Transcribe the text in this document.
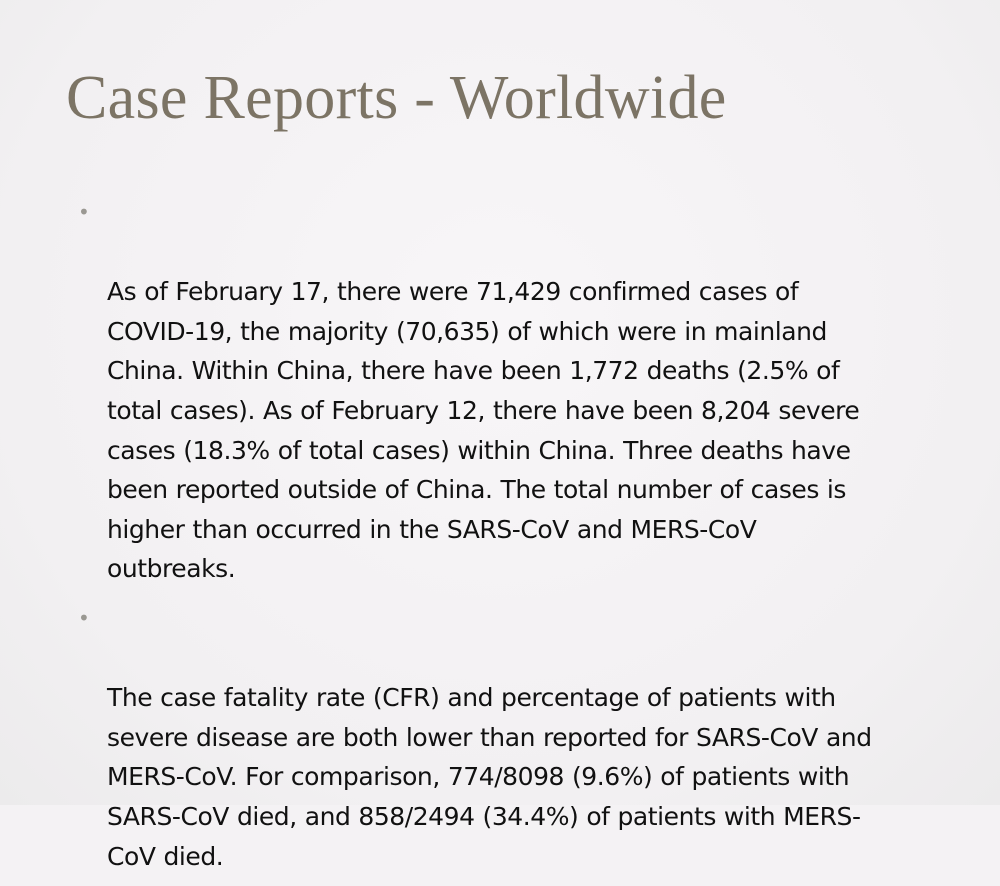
Case Reports - Worldwide

•

As of February 17, there were 71,429 confirmed cases of
COVID-19, the majority (70,635) of which were in mainland
China. Within China, there have been 1,772 deaths (2.5% of
total cases). As of February 12, there have been 8,204 severe
cases (18.3% of total cases) within China. Three deaths have
been reported outside of China. The total number of cases is
higher than occurred in the SARS-CoV and MERS-CoV
outbreaks.

•

The case fatality rate (CFR) and percentage of patients with
severe disease are both lower than reported for SARS-CoV and
MERS-CoV. For comparison, 774/8098 (9.6%) of patients with
SARS-CoV died, and 858/2494 (34.4%) of patients with MERS-
CoV died.
